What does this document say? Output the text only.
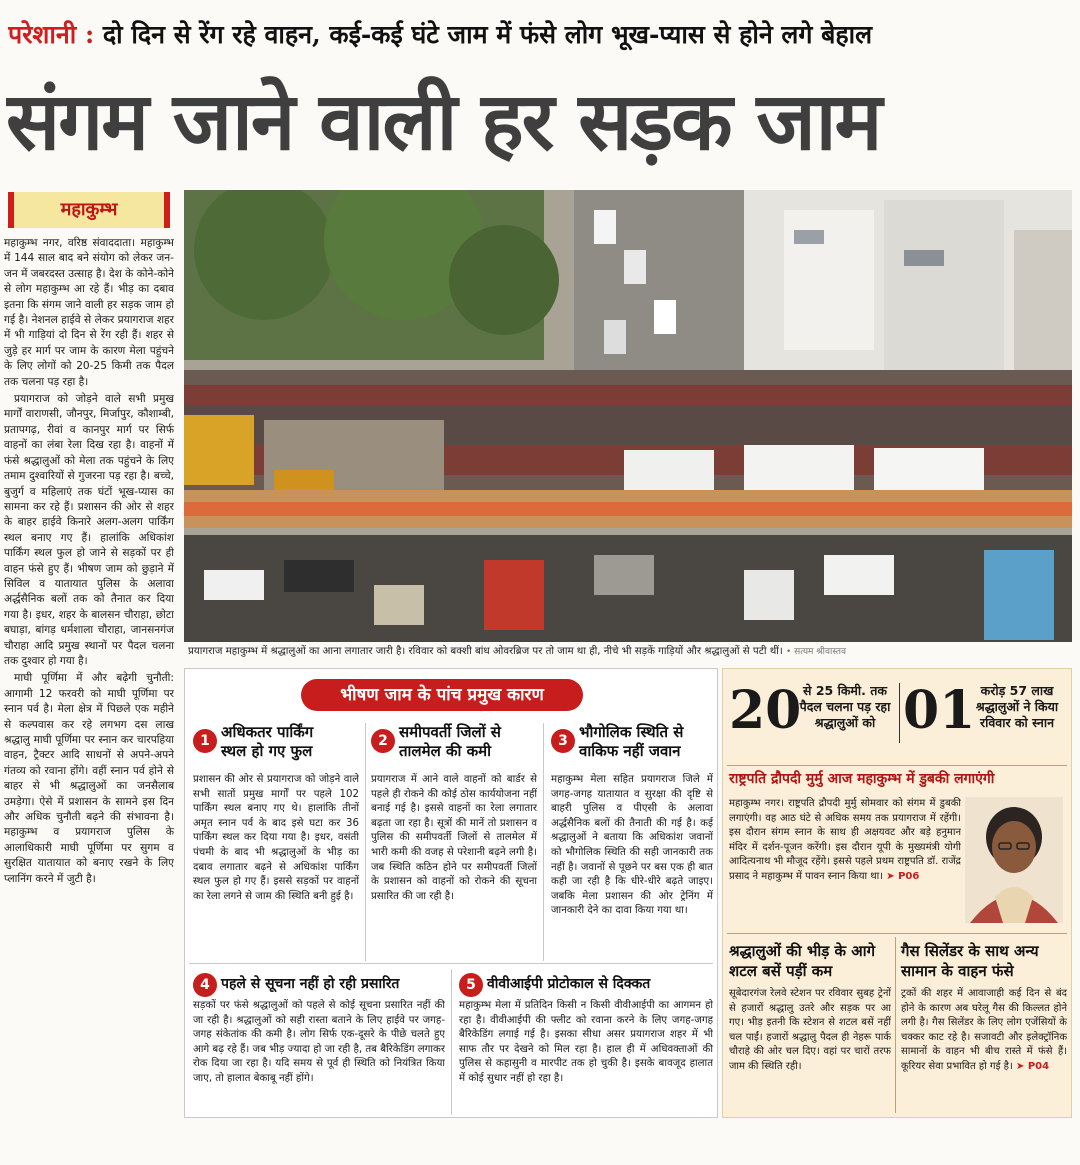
परेशानी : दो दिन से रेंग रहे वाहन, कई-कई घंटे जाम में फंसे लोग भूख-प्यास से होने लगे बेहाल
संगम जाने वाली हर सड़क जाम
महाकुम्भ

महाकुम्भ नगर, वरिष्ठ संवाददाता। महाकुम्भ में 144 साल बाद बने संयोग को लेकर जन-जन में जबरदस्त उत्साह है। देश के कोने-कोने से लोग महाकुम्भ आ रहे हैं। भीड़ का दबाव इतना कि संगम जाने वाली हर सड़क जाम हो गई है। नेशनल हाईवे से लेकर प्रयागराज शहर में भी गाड़ियां दो दिन से रेंग रही हैं। शहर से जुड़े हर मार्ग पर जाम के कारण मेला पहुंचने के लिए लोगों को 20-25 किमी तक पैदल तक चलना पड़ रहा है।

प्रयागराज को जोड़ने वाले सभी प्रमुख मार्गों वाराणसी, जौनपुर, मिर्जापुर, कौशाम्बी, प्रतापगढ़, रीवां व कानपुर मार्ग पर सिर्फ वाहनों का लंबा रेला दिख रहा है। वाहनों में फंसे श्रद्धालुओं को मेला तक पहुंचने के लिए तमाम दुश्वारियों से गुजरना पड़ रहा है। बच्चे, बुजुर्ग व महिलाएं तक घंटों भूख-प्यास का सामना कर रहे हैं। प्रशासन की ओर से शहर के बाहर हाईवे किनारे अलग-अलग पार्किंग स्थल बनाए गए हैं। हालांकि अधिकांश पार्किंग स्थल फुल हो जाने से सड़कों पर ही वाहन फंसे हुए हैं। भीषण जाम को छुड़ाने में सिविल व यातायात पुलिस के अलावा अर्द्धसैनिक बलों तक को तैनात कर दिया गया है। इधर, शहर के बालसन चौराहा, छोटा बघाड़ा, बांगड़ धर्मशाला चौराहा, जानसनगंज चौराहा आदि प्रमुख स्थानों पर पैदल चलना तक दुश्वार हो गया है।

माघी पूर्णिमा में और बढ़ेगी चुनौती: आगामी 12 फरवरी को माघी पूर्णिमा पर स्नान पर्व है। मेला क्षेत्र में पिछले एक महीने से कल्पवास कर रहे लगभग दस लाख श्रद्धालु माघी पूर्णिमा पर स्नान कर चारपहिया वाहन, ट्रैक्टर आदि साधनों से अपने-अपने गंतव्य को रवाना होंगे। वहीं स्नान पर्व होने से बाहर से भी श्रद्धालुओं का जनसैलाब उमड़ेगा। ऐसे में प्रशासन के सामने इस दिन और अधिक चुनौती बढ़ने की संभावना है। महाकुम्भ व प्रयागराज पुलिस के आलाधिकारी माघी पूर्णिमा पर सुगम व सुरक्षित यातायात को बनाए रखने के लिए प्लानिंग करने में जुटी है।

प्रयागराज महाकुम्भ में श्रद्धालुओं का आना लगातार जारी है। रविवार को बक्शी बांध ओवरब्रिज पर तो जाम था ही, नीचे भी सड़कें गाड़ियों और श्रद्धालुओं से पटी थीं। • सत्यम श्रीवास्तव
भीषण जाम के पांच प्रमुख कारण
1 अधिकतर पार्किंग
स्थल हो गए फुल
प्रशासन की ओर से प्रयागराज को जोड़ने वाले सभी सातों प्रमुख मार्गों पर पहले 102 पार्किंग स्थल बनाए गए थे। हालांकि तीनों अमृत स्नान पर्व के बाद इसे घटा कर 36 पार्किंग स्थल कर दिया गया है। इधर, वसंती पंचमी के बाद भी श्रद्धालुओं के भीड़ का दबाव लगातार बढ़ने से अधिकांश पार्किंग स्थल फुल हो गए हैं। इससे सड़कों पर वाहनों का रेला लगने से जाम की स्थिति बनी हुई है।
2 समीपवर्ती जिलों से
तालमेल की कमी
प्रयागराज में आने वाले वाहनों को बार्डर से पहले ही रोकने की कोई ठोस कार्ययोजना नहीं बनाई गई है। इससे वाहनों का रेला लगातार बढ़ता जा रहा है। सूत्रों की मानें तो प्रशासन व पुलिस की समीपवर्ती जिलों से तालमेल में भारी कमी की वजह से परेशानी बढ़ने लगी है। जब स्थिति कठिन होने पर समीपवर्ती जिलों के प्रशासन को वाहनों को रोकने की सूचना प्रसारित की जा रही है।
3 भौगोलिक स्थिति से
वाकिफ नहीं जवान
महाकुम्भ मेला सहित प्रयागराज जिले में जगह-जगह यातायात व सुरक्षा की दृष्टि से बाहरी पुलिस व पीएसी के अलावा अर्द्धसैनिक बलों की तैनाती की गई है। कई श्रद्धालुओं ने बताया कि अधिकांश जवानों को भौगोलिक स्थिति की सही जानकारी तक नहीं है। जवानों से पूछने पर बस एक ही बात कही जा रही है कि धीरे-धीरे बढ़ते जाइए। जबकि मेला प्रशासन की ओर ट्रेनिंग में जानकारी देने का दावा किया गया था।
4 पहले से सूचना नहीं हो रही प्रसारित
सड़कों पर फंसे श्रद्धालुओं को पहले से कोई सूचना प्रसारित नहीं की जा रही है। श्रद्धालुओं को सही रास्ता बताने के लिए हाईवे पर जगह-जगह संकेतांक की कमी है। लोग सिर्फ एक-दूसरे के पीछे चलते हुए आगे बढ़ रहे हैं। जब भीड़ ज्यादा हो जा रही है, तब बैरिकेडिंग लगाकर रोक दिया जा रहा है। यदि समय से पूर्व ही स्थिति को नियंत्रित किया जाए, तो हालात बेकाबू नहीं होंगे।
5 वीवीआईपी प्रोटोकाल से दिक्कत
महाकुम्भ मेला में प्रतिदिन किसी न किसी वीवीआईपी का आगमन हो रहा है। वीवीआईपी की फ्लीट को रवाना करने के लिए जगह-जगह बैरिकेडिंग लगाई गई है। इसका सीधा असर प्रयागराज शहर में भी साफ तौर पर देखने को मिल रहा है। हाल ही में अधिवक्ताओं की पुलिस से कहासुनी व मारपीट तक हो चुकी है। इसके बावजूद हालात में कोई सुधार नहीं हो रहा है।
20 से 25 किमी. तक पैदल चलना पड़ रहा श्रद्धालुओं को 01 करोड़ 57 लाख श्रद्धालुओं ने किया रविवार को स्नान
राष्ट्रपति द्रौपदी मुर्मु आज महाकुम्भ में डुबकी लगाएंगी
महाकुम्भ नगर। राष्ट्रपति द्रौपदी मुर्मु सोमवार को संगम में डुबकी लगाएंगी। वह आठ घंटे से अधिक समय तक प्रयागराज में रहेंगी। इस दौरान संगम स्नान के साथ ही अक्षयवट और बड़े हनुमान मंदिर में दर्शन-पूजन करेंगी। इस दौरान यूपी के मुख्यमंत्री योगी आदित्यनाथ भी मौजूद रहेंगे। इससे पहले प्रथम राष्ट्रपति डॉ. राजेंद्र प्रसाद ने महाकुम्भ में पावन स्नान किया था। ➤ P06
श्रद्धालुओं की भीड़ के आगे शटल बसें पड़ीं कम
सूबेदारगंज रेलवे स्टेशन पर रविवार सुबह ट्रेनों से हजारों श्रद्धालु उतरे और सड़क पर आ गए। भीड़ इतनी कि स्टेशन से शटल बसें नहीं चल पाईं। हजारों श्रद्धालु पैदल ही नेहरू पार्क चौराहे की ओर चल दिए। वहां पर चारों तरफ जाम की स्थिति रही।
गैस सिलेंडर के साथ अन्य सामान के वाहन फंसे
ट्रकों की शहर में आवाजाही कई दिन से बंद होने के कारण अब घरेलू गैस की किल्लत होने लगी है। गैस सिलेंडर के लिए लोग एजेंसियों के चक्कर काट रहे है। सजावटी और इलेक्ट्रॉनिक सामानों के वाहन भी बीच रास्ते में फंसे हैं। कूरियर सेवा प्रभावित हो गई है। ➤ P04
